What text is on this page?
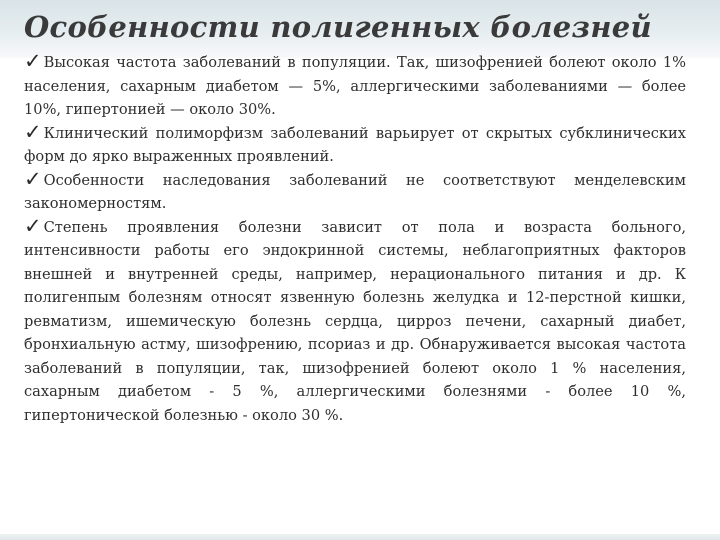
Особенности полигенных болезней

✓ Высокая частота заболеваний в популяции. Так, шизофренией болеют около 1% населения, сахарным диабетом — 5%, аллергическими заболеваниями — более 10%, гипертонией — около 30%.

✓ Клинический полиморфизм заболеваний варьирует от скрытых субклинических форм до ярко выраженных проявлений.

✓ Особенности наследования заболеваний не соответствуют менделевским закономерностям.

✓ Степень проявления болезни зависит от пола и возраста больного, интенсивности работы его эндокринной системы, неблагоприятных факторов внешней и внутренней среды, например, нерационального питания и др. К полигенпым болезням относят язвенную болезнь желудка и 12-перстной кишки, ревматизм, ишемическую болезнь сердца, цирроз печени, сахарный диабет, бронхиальную астму, шизофрению, псориаз и др. Обнаруживается высокая частота заболеваний в популяции, так, шизофренией болеют около 1 % населения, сахарным диабетом - 5 %, аллергическими болезнями - более 10 %, гипертонической болезнью - около 30 %.
